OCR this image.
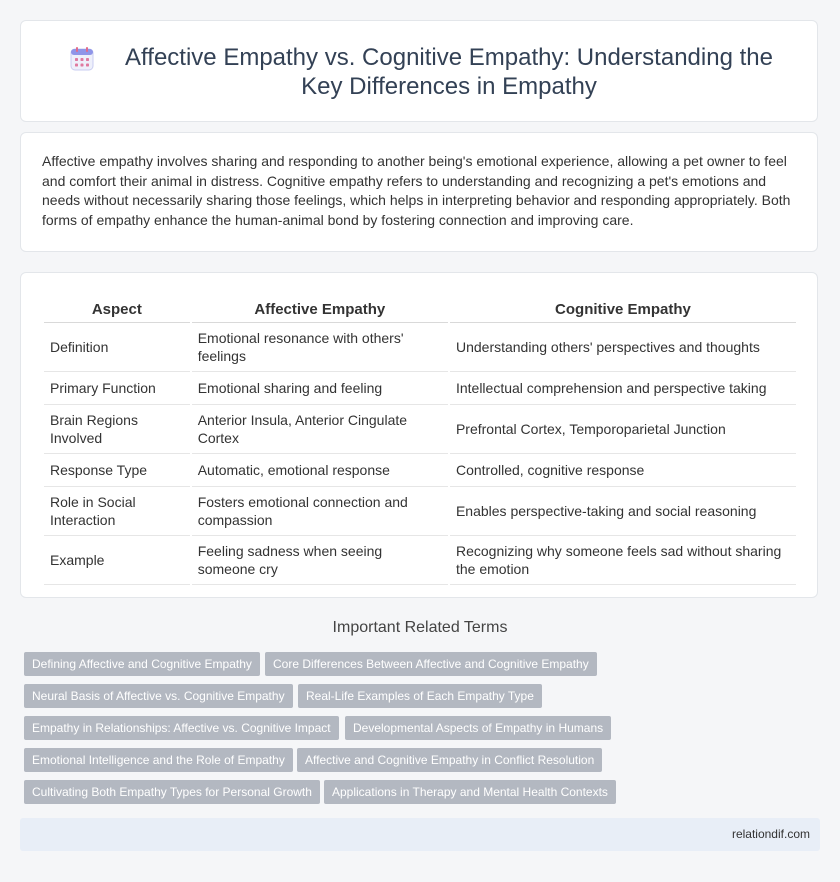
Affective Empathy vs. Cognitive Empathy: Understanding the Key Differences in Empathy

Affective empathy involves sharing and responding to another being's emotional experience, allowing a pet owner to feel and comfort their animal in distress. Cognitive empathy refers to understanding and recognizing a pet's emotions and needs without necessarily sharing those feelings, which helps in interpreting behavior and responding appropriately. Both forms of empathy enhance the human-animal bond by fostering connection and improving care.

Aspect	Affective Empathy	Cognitive Empathy
Definition	Emotional resonance with others' feelings	Understanding others' perspectives and thoughts
Primary Function	Emotional sharing and feeling	Intellectual comprehension and perspective taking
Brain Regions Involved	Anterior Insula, Anterior Cingulate Cortex	Prefrontal Cortex, Temporoparietal Junction
Response Type	Automatic, emotional response	Controlled, cognitive response
Role in Social Interaction	Fosters emotional connection and compassion	Enables perspective-taking and social reasoning
Example	Feeling sadness when seeing someone cry	Recognizing why someone feels sad without sharing the emotion
Important Related Terms
Defining Affective and Cognitive Empathy	Core Differences Between Affective and Cognitive Empathy
Neural Basis of Affective vs. Cognitive Empathy	Real-Life Examples of Each Empathy Type
Empathy in Relationships: Affective vs. Cognitive Impact	Developmental Aspects of Empathy in Humans
Emotional Intelligence and the Role of Empathy	Affective and Cognitive Empathy in Conflict Resolution
Cultivating Both Empathy Types for Personal Growth	Applications in Therapy and Mental Health Contexts
relationdif.com
